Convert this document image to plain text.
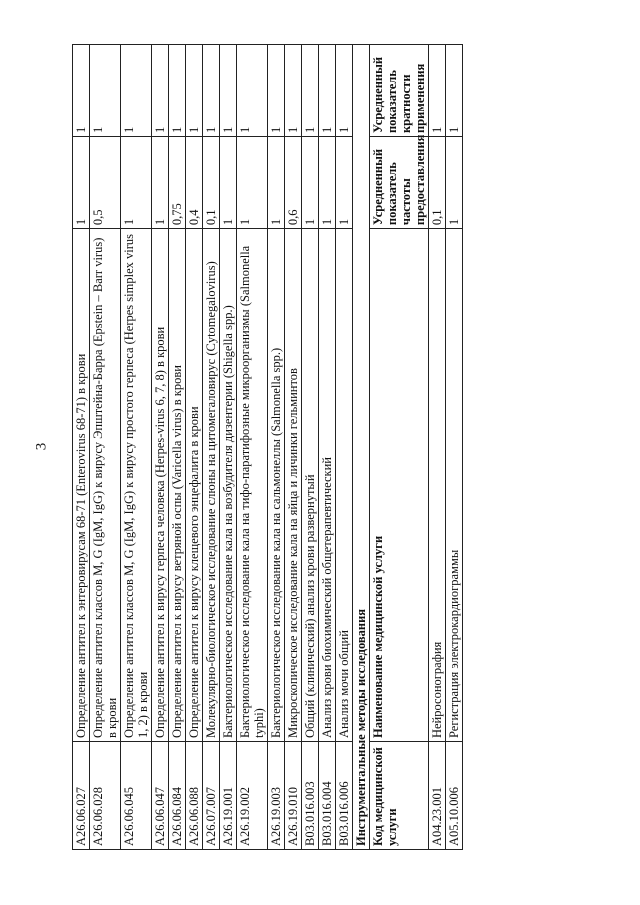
3
A26.06.027	Определение антител к энтеровирусам 68-71 (Enterovirus 68-71) в крови	1	1
A26.06.028	Определение антител классов M, G (IgM, IgG) к вирусу Эпштейна-Барра (Epstein – Barr virus) в крови	0,5	1
A26.06.045	Определение антител классов M, G (IgM, IgG) к вирусу простого герпеса (Herpes simplex virus 1, 2) в крови	1	1
A26.06.047	Определение антител к вирусу герпеса человека (Herpes-virus 6, 7, 8) в крови	1	1
A26.06.084	Определение антител к вирусу ветряной оспы (Varicella virus) в крови	0,75	1
A26.06.088	Определение антител к вирусу клещевого энцефалита в крови	0,4	1
A26.07.007	Молекулярно-биологическое исследование слюны на цитомегаловирус (Cytomegalovirus)	0,1	1
A26.19.001	Бактериологическое исследование кала на возбудителя дизентерии (Shigella spp.)	1	1
A26.19.002	Бактериологическое исследование кала на тифо-паратифозные микроорганизмы (Salmonella typhi)	1	1
A26.19.003	Бактериологическое исследование кала на сальмонеллы (Salmonella spp.)	1	1
A26.19.010	Микроскопическое исследование кала на яйца и личинки гельминтов	0,6	1
B03.016.003	Общий (клинический) анализ крови развернутый	1	1
B03.016.004	Анализ крови биохимический общетерапевтический	1	1
B03.016.006	Анализ мочи общий	1	1
Инструментальные методы исследования			
Код медицинской услуги	Наименование медицинской услуги	Усредненный показатель частоты предоставления	Усредненный показатель кратности применения
A04.23.001	Нейросонография	0,1	1
A05.10.006	Регистрация электрокардиограммы	1	1
